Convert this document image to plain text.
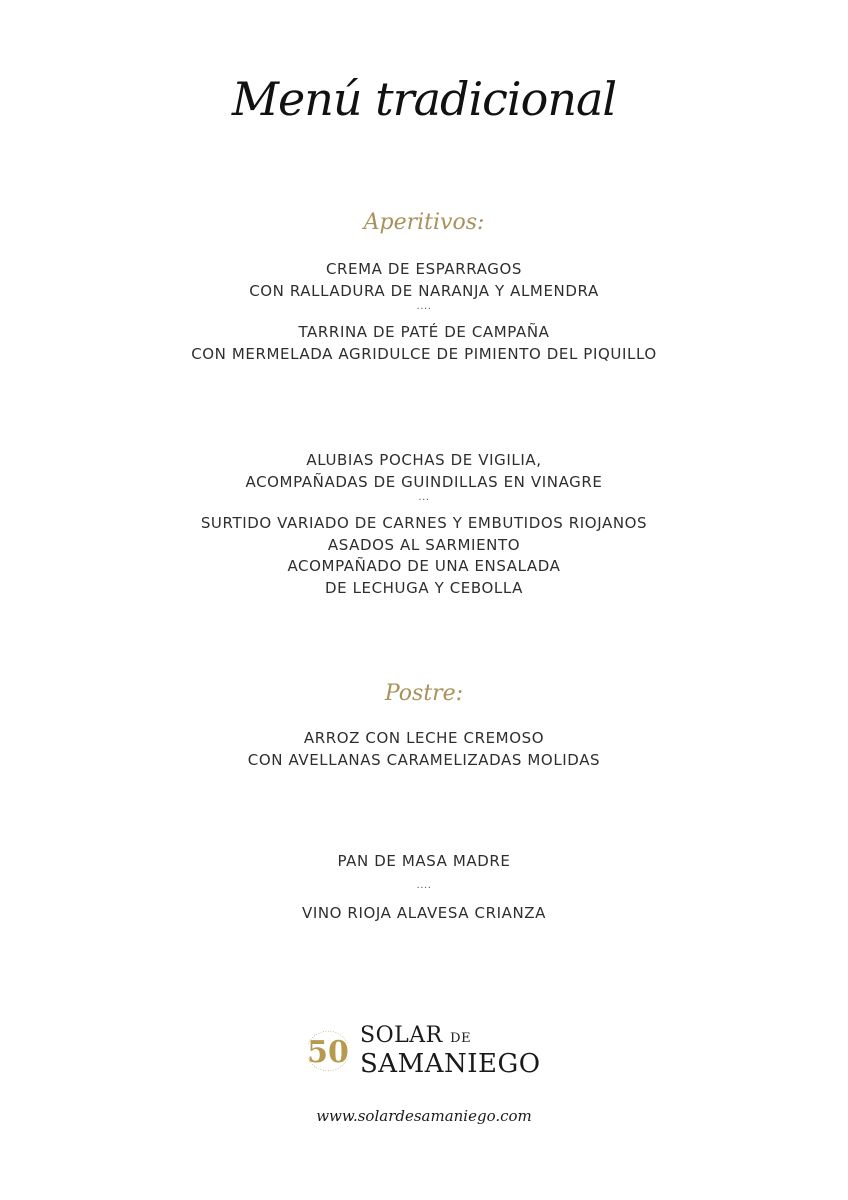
Menú tradicional
Aperitivos:
CREMA DE ESPARRAGOS
CON RALLADURA DE NARANJA Y ALMENDRA
....
TARRINA DE PATÉ DE CAMPAÑA
CON MERMELADA AGRIDULCE DE PIMIENTO DEL PIQUILLO
ALUBIAS POCHAS DE VIGILIA,
ACOMPAÑADAS DE GUINDILLAS EN VINAGRE
...
SURTIDO VARIADO DE CARNES Y EMBUTIDOS RIOJANOS
ASADOS AL SARMIENTO
ACOMPAÑADO DE UNA ENSALADA
DE LECHUGA Y CEBOLLA
Postre:
ARROZ CON LECHE CREMOSO
CON AVELLANAS CARAMELIZADAS MOLIDAS
PAN DE MASA MADRE
....
VINO RIOJA ALAVESA CRIANZA
50 SOLAR DE
SAMANIEGO
www.solardesamaniego.com
